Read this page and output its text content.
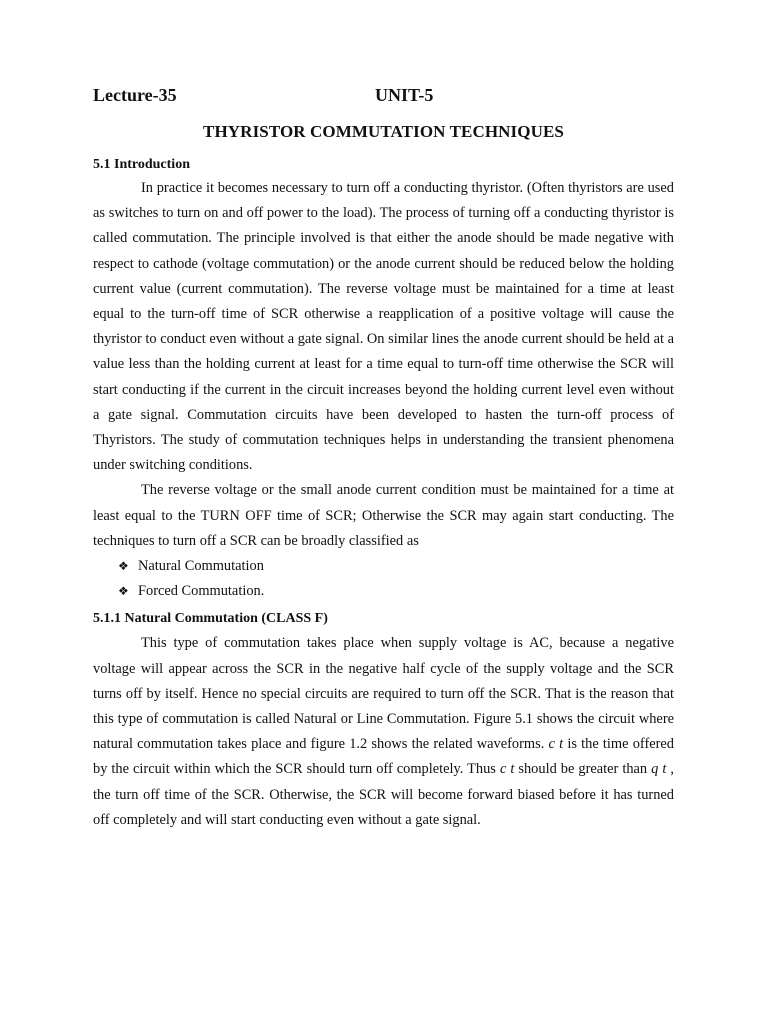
Lecture-35	UNIT-5
THYRISTOR COMMUTATION TECHNIQUES
5.1 Introduction

In practice it becomes necessary to turn off a conducting thyristor. (Often thyristors are used as switches to turn on and off power to the load). The process of turning off a conducting thyristor is called commutation. The principle involved is that either the anode should be made negative with respect to cathode (voltage commutation) or the anode current should be reduced below the holding current value (current commutation). The reverse voltage must be maintained for a time at least equal to the turn-off time of SCR otherwise a reapplication of a positive voltage will cause the thyristor to conduct even without a gate signal. On similar lines the anode current should be held at a value less than the holding current at least for a time equal to turn-off time otherwise the SCR will start conducting if the current in the circuit increases beyond the holding current level even without a gate signal. Commutation circuits have been developed to hasten the turn-off process of Thyristors. The study of commutation techniques helps in understanding the transient phenomena under switching conditions.

The reverse voltage or the small anode current condition must be maintained for a time at least equal to the TURN OFF time of SCR; Otherwise the SCR may again start conducting. The techniques to turn off a SCR can be broadly classified as

❖ Natural Commutation
❖ Forced Commutation.
5.1.1 Natural Commutation (CLASS F)

This type of commutation takes place when supply voltage is AC, because a negative voltage will appear across the SCR in the negative half cycle of the supply voltage and the SCR turns off by itself. Hence no special circuits are required to turn off the SCR. That is the reason that this type of commutation is called Natural or Line Commutation. Figure 5.1 shows the circuit where natural commutation takes place and figure 1.2 shows the related waveforms. c t is the time offered by the circuit within which the SCR should turn off completely. Thus c t should be greater than q t , the turn off time of the SCR. Otherwise, the SCR will become forward biased before it has turned off completely and will start conducting even without a gate signal.
